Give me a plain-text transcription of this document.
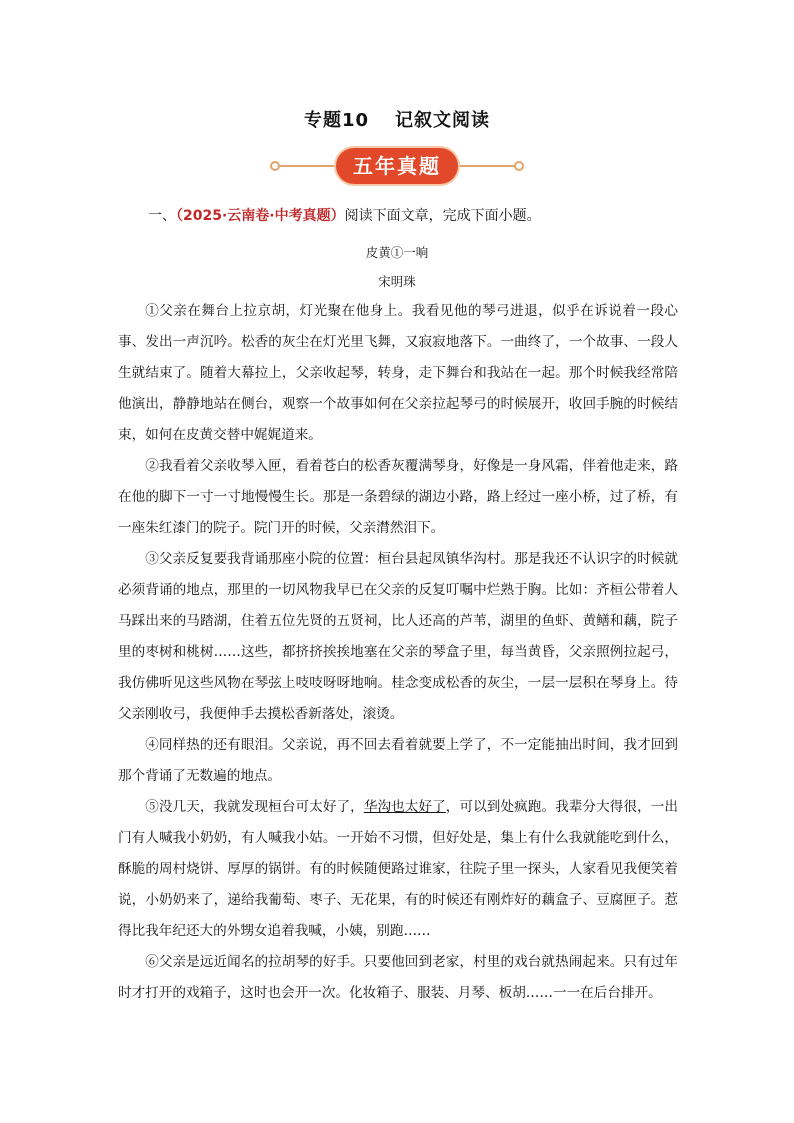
专题10 记叙文阅读
~	~
五年真题
一、（2025·云南卷·中考真题）阅读下面文章，完成下面小题。
皮黄①一响
宋明珠

①父亲在舞台上拉京胡，灯光聚在他身上。我看见他的琴弓进退，似乎在诉说着一段心事、发出一声沉吟。松香的灰尘在灯光里飞舞，又寂寂地落下。一曲终了，一个故事、一段人生就结束了。随着大幕拉上，父亲收起琴，转身，走下舞台和我站在一起。那个时候我经常陪他演出，静静地站在侧台，观察一个故事如何在父亲拉起琴弓的时候展开，收回手腕的时候结束，如何在皮黄交替中娓娓道来。

②我看着父亲收琴入匣，看着苍白的松香灰覆满琴身，好像是一身风霜，伴着他走来，路在他的脚下一寸一寸地慢慢生长。那是一条碧绿的湖边小路，路上经过一座小桥，过了桥，有一座朱红漆门的院子。院门开的时候，父亲潸然泪下。

③父亲反复要我背诵那座小院的位置：桓台县起凤镇华沟村。那是我还不认识字的时候就必须背诵的地点，那里的一切风物我早已在父亲的反复叮嘱中烂熟于胸。比如：齐桓公带着人马踩出来的马踏湖，住着五位先贤的五贤祠，比人还高的芦苇，湖里的鱼虾、黄鳝和藕，院子里的枣树和桃树……这些，都挤挤挨挨地塞在父亲的琴盒子里，每当黄昏，父亲照例拉起弓，我仿佛听见这些风物在琴弦上吱吱呀呀地响。桂念变成松香的灰尘，一层一层积在琴身上。待父亲刚收弓，我便伸手去摸松香新落处，滚烫。

④同样热的还有眼泪。父亲说，再不回去看着就要上学了，不一定能抽出时间，我才回到那个背诵了无数遍的地点。

⑤没几天，我就发现桓台可太好了，华沟也太好了，可以到处疯跑。我辈分大得很，一出门有人喊我小奶奶，有人喊我小姑。一开始不习惯，但好处是，集上有什么我就能吃到什么，酥脆的周村烧饼、厚厚的锅饼。有的时候随便路过谁家，往院子里一探头，人家看见我便笑着说，小奶奶来了，递给我葡萄、枣子、无花果，有的时候还有刚炸好的藕盒子、豆腐匣子。惹得比我年纪还大的外甥女追着我喊，小姨，别跑……

⑥父亲是远近闻名的拉胡琴的好手。只要他回到老家，村里的戏台就热闹起来。只有过年时才打开的戏箱子，这时也会开一次。化妆箱子、服装、月琴、板胡……一一在后台排开。
